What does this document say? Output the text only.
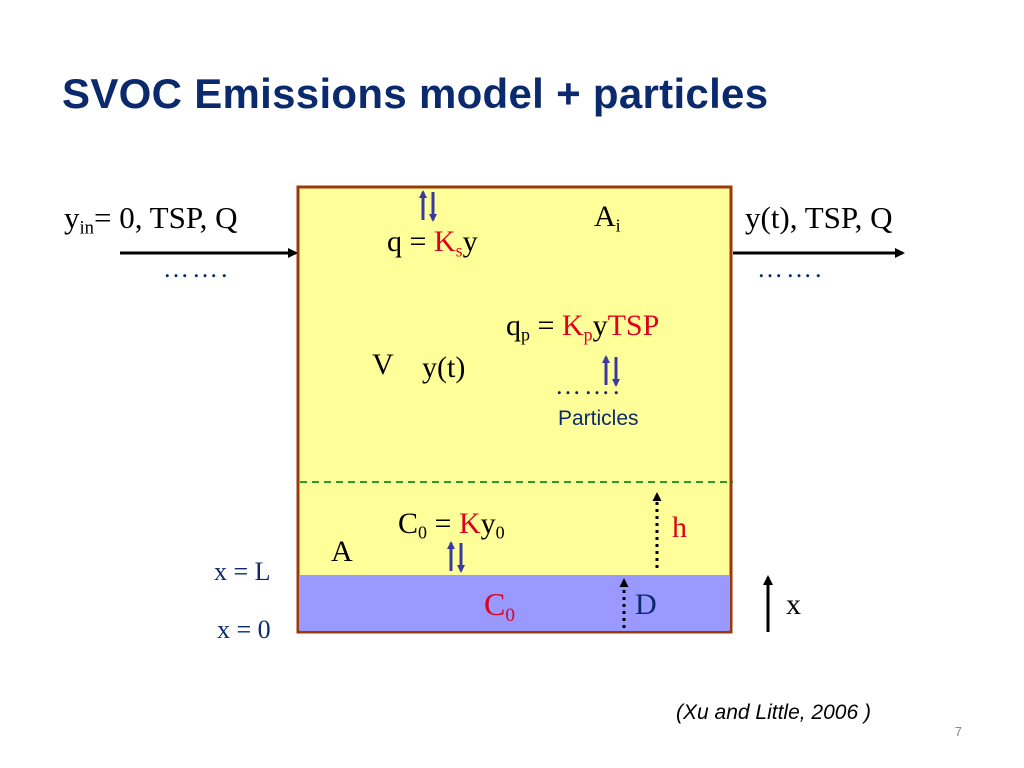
SVOC Emissions model + particles
$y_{in}= 0$, TSP, Q
…….
y(t), TSP, Q
…….
$q = K_sy$
$A_i$
$q_p$ = $K_pyTSP$
V y(t)
…….
Particles
$C_0 = Ky_0$	h
A
$C_0$	D
x = L
x = 0
x
(Xu and Little, 2006 )
7
